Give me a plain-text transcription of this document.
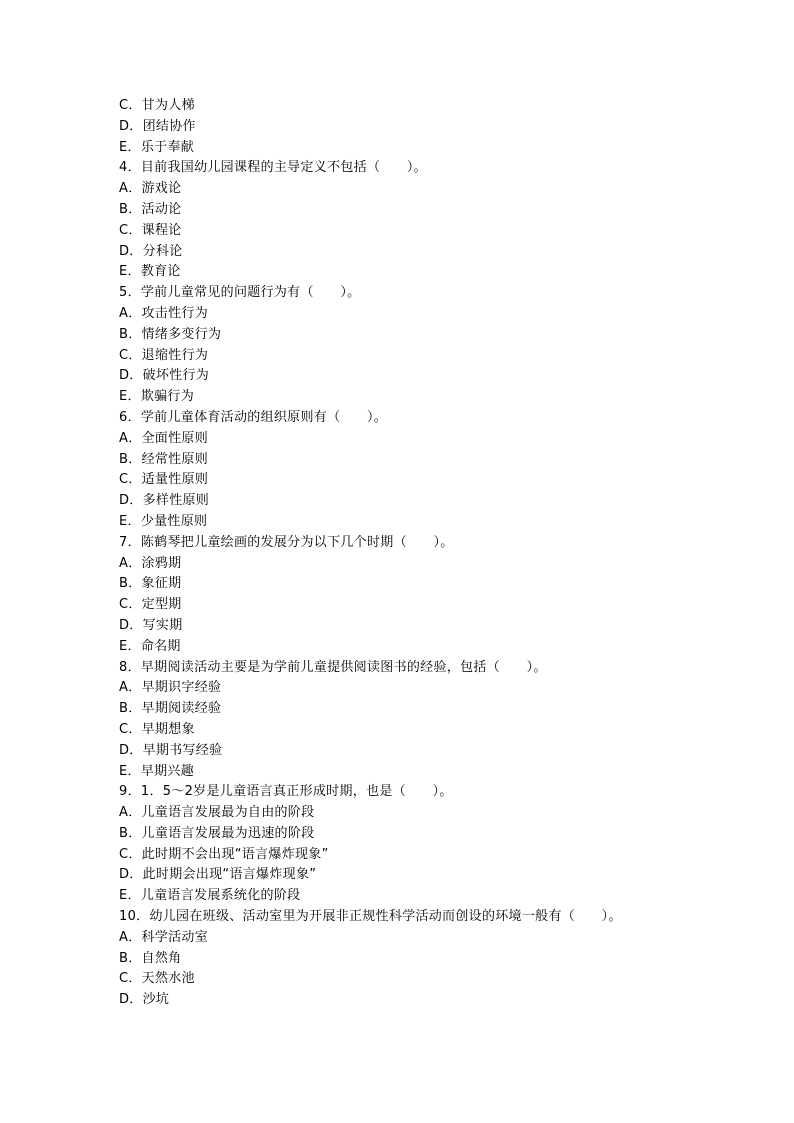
C．甘为人梯
D．团结协作
E．乐于奉献
4．目前我国幼儿园课程的主导定义不包括（　　）。
A．游戏论
B．活动论
C．课程论
D．分科论
E．教育论
5．学前儿童常见的问题行为有（　　）。
A．攻击性行为
B．情绪多变行为
C．退缩性行为
D．破坏性行为
E．欺骗行为
6．学前儿童体育活动的组织原则有（　　）。
A．全面性原则
B．经常性原则
C．适量性原则
D．多样性原则
E．少量性原则
7．陈鹤琴把儿童绘画的发展分为以下几个时期（　　）。
A．涂鸦期
B．象征期
C．定型期
D．写实期
E．命名期
8．早期阅读活动主要是为学前儿童提供阅读图书的经验，包括（　　）。
A．早期识字经验
B．早期阅读经验
C．早期想象
D．早期书写经验
E．早期兴趣
9．1．5～2岁是儿童语言真正形成时期，也是（　　）。
A．儿童语言发展最为自由的阶段
B．儿童语言发展最为迅速的阶段
C．此时期不会出现“语言爆炸现象”
D．此时期会出现“语言爆炸现象”
E．儿童语言发展系统化的阶段
10．幼儿园在班级、活动室里为开展非正规性科学活动而创设的环境一般有（　　）。
A．科学活动室
B．自然角
C．天然水池
D．沙坑
